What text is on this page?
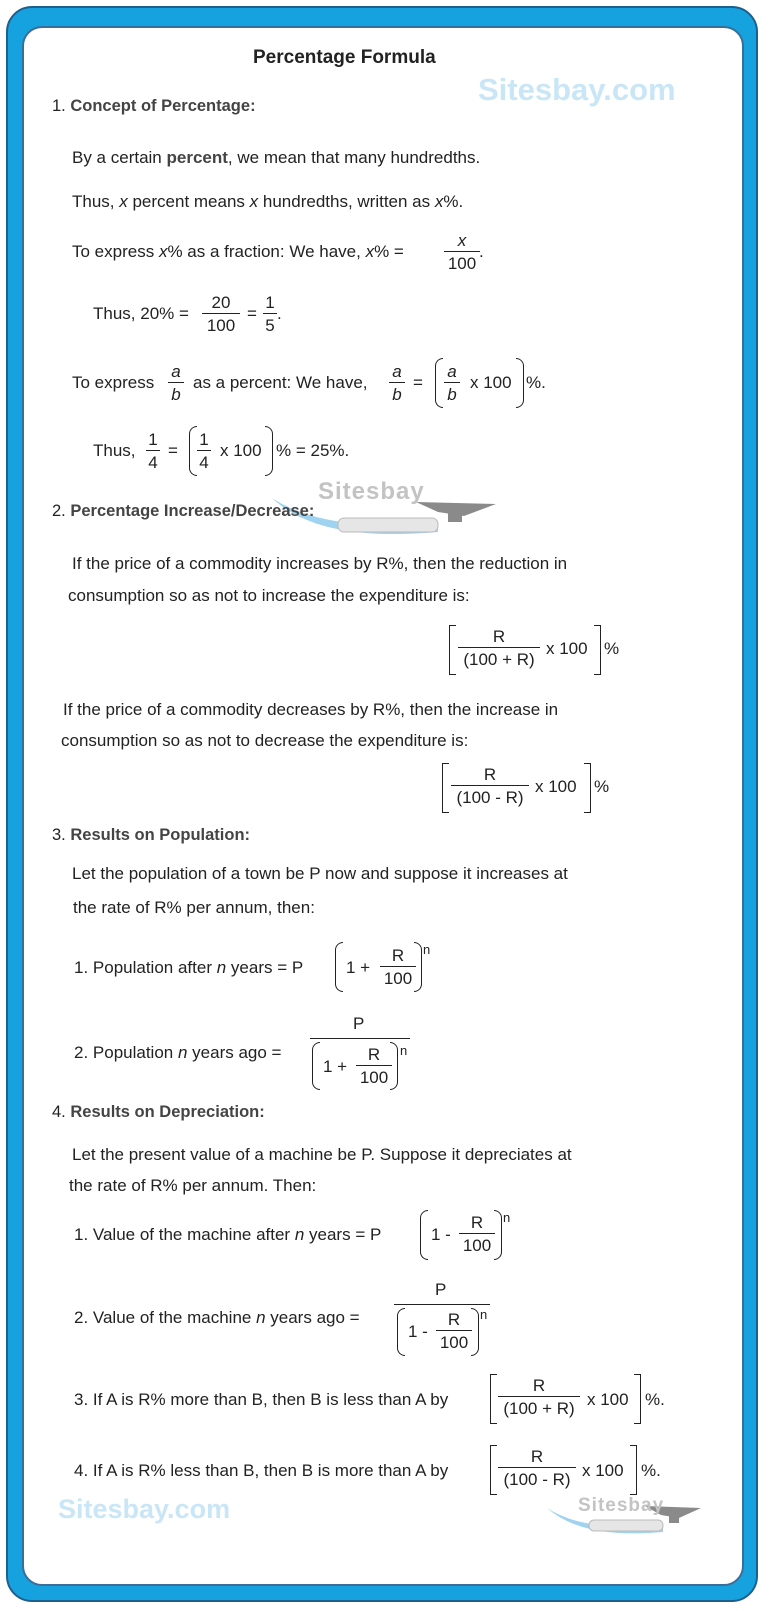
Percentage Formula
Sitesbay.com
1. Concept of Percentage:
By a certain percent, we mean that many hundredths.
Thus, x percent means x hundredths, written as x%.
To express x% as a fraction: We have, $x\% = \frac{x}{100}$ .
Thus, $20\% = \frac{20}{100} = \frac{1}{5}$ .
To express $\frac{a}{b}$ as a percent: We have, $\frac{a}{b} = \frac{a}{b}$ x 100 %.
Thus, $\frac{1}{4} = \frac{1}{4}$ x 100 % = 25%.
Sitesbay
2. Percentage Increase/Decrease:
If the price of a commodity increases by R%, then the reduction in
consumption so as not to increase the expenditure is:
$\frac{R}{(100 + R)}$ x 100 %
If the price of a commodity decreases by R%, then the increase in
consumption so as not to decrease the expenditure is:
$\frac{R}{(100 - R)}$ x 100 %
3. Results on Population:
Let the population of a town be P now and suppose it increases at
the rate of R% per annum, then:
1. Population after n years = P	$1 + \frac{R}{100}$ n
2. Population n years ago =
P
$1 + \frac{R}{100}$ n
4. Results on Depreciation:
Let the present value of a machine be P. Suppose it depreciates at
the rate of R% per annum. Then:
1. Value of the machine after n years = P	$1 - \frac{R}{100}$ n
2. Value of the machine n years ago =
P
$1 - \frac{R}{100}$ n
3. If A is R% more than B, then B is less than A by	$\frac{R}{(100 + R)}$ x 100 %.
4. If A is R% less than B, then B is more than A by	$\frac{R}{(100 - R)}$ x 100 %.
Sitesbay.com	Sitesbay
